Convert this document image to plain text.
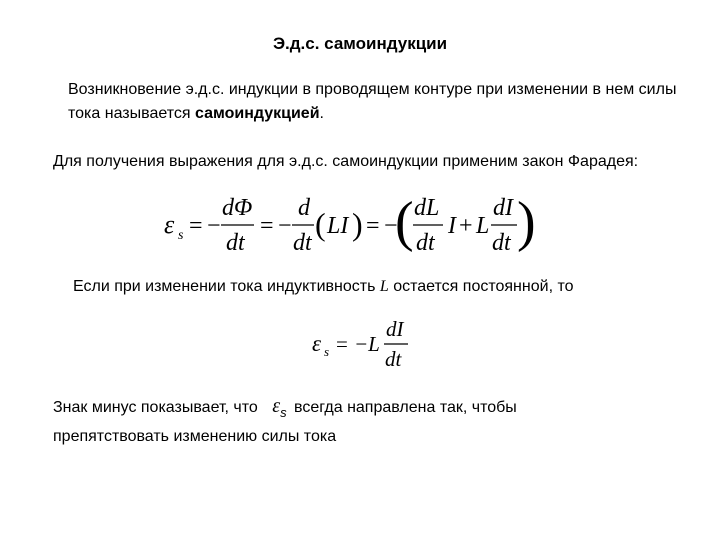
Э.д.с. самоиндукции
Возникновение э.д.с. индукции в проводящем контуре при изменении в нем силы тока называется самоиндукцией.
Для получения выражения для э.д.с. самоиндукции применим закон Фарадея:
ε s = −
dΦ
dt
= −
d
dt
( LI ) = −
( dL
dt
I + L
dI
dt )
Если при изменении тока индуктивность L остается постоянной, то
ε s = −L
dI
dt
Знак минус показывает, что $\varepsilon_s$ всегда направлена так, чтобы
препятствовать изменению силы тока
